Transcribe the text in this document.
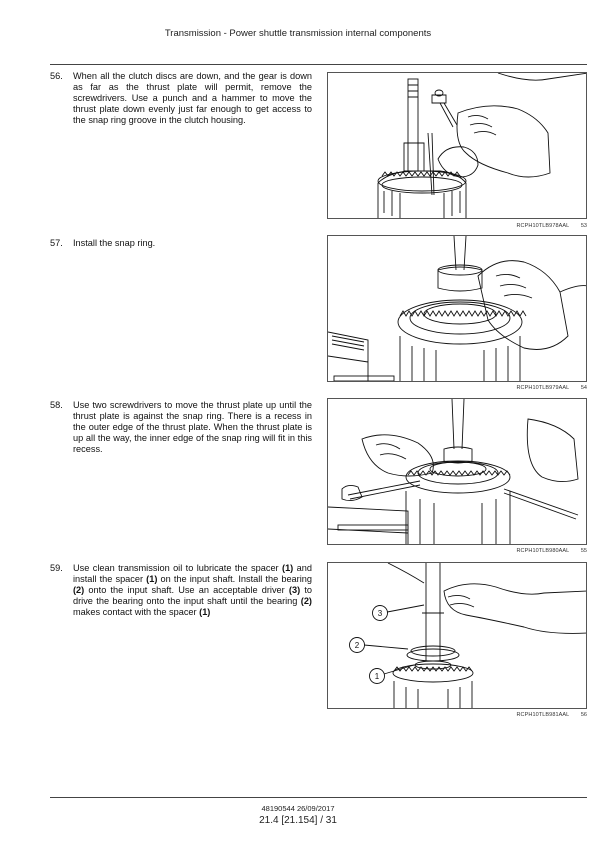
Transmission - Power shuttle transmission internal components
56.	When all the clutch discs are down, and the gear is down as far as the thrust plate will permit, remove the screwdrivers. Use a punch and a hammer to move the thrust plate down evenly just far enough to get access to the snap ring groove in the clutch housing.
RCPH10TLB978AAL 53
57.	Install the snap ring.
RCPH10TLB979AAL 54
58.	Use two screwdrivers to move the thrust plate up until the thrust plate is against the snap ring. There is a recess in the outer edge of the thrust plate. When the thrust plate is up all the way, the inner edge of the snap ring will fit in this recess.
RCPH10TLB980AAL 55
59.	Use clean transmission oil to lubricate the spacer (1) and install the spacer (1) on the input shaft. Install the bearing (2) onto the input shaft. Use an acceptable driver (3) to drive the bearing onto the input shaft until the bearing (2) makes contact with the spacer (1)	3
2
1
RCPH10TLB981AAL 56
48190544 26/09/2017
21.4 [21.154] / 31
